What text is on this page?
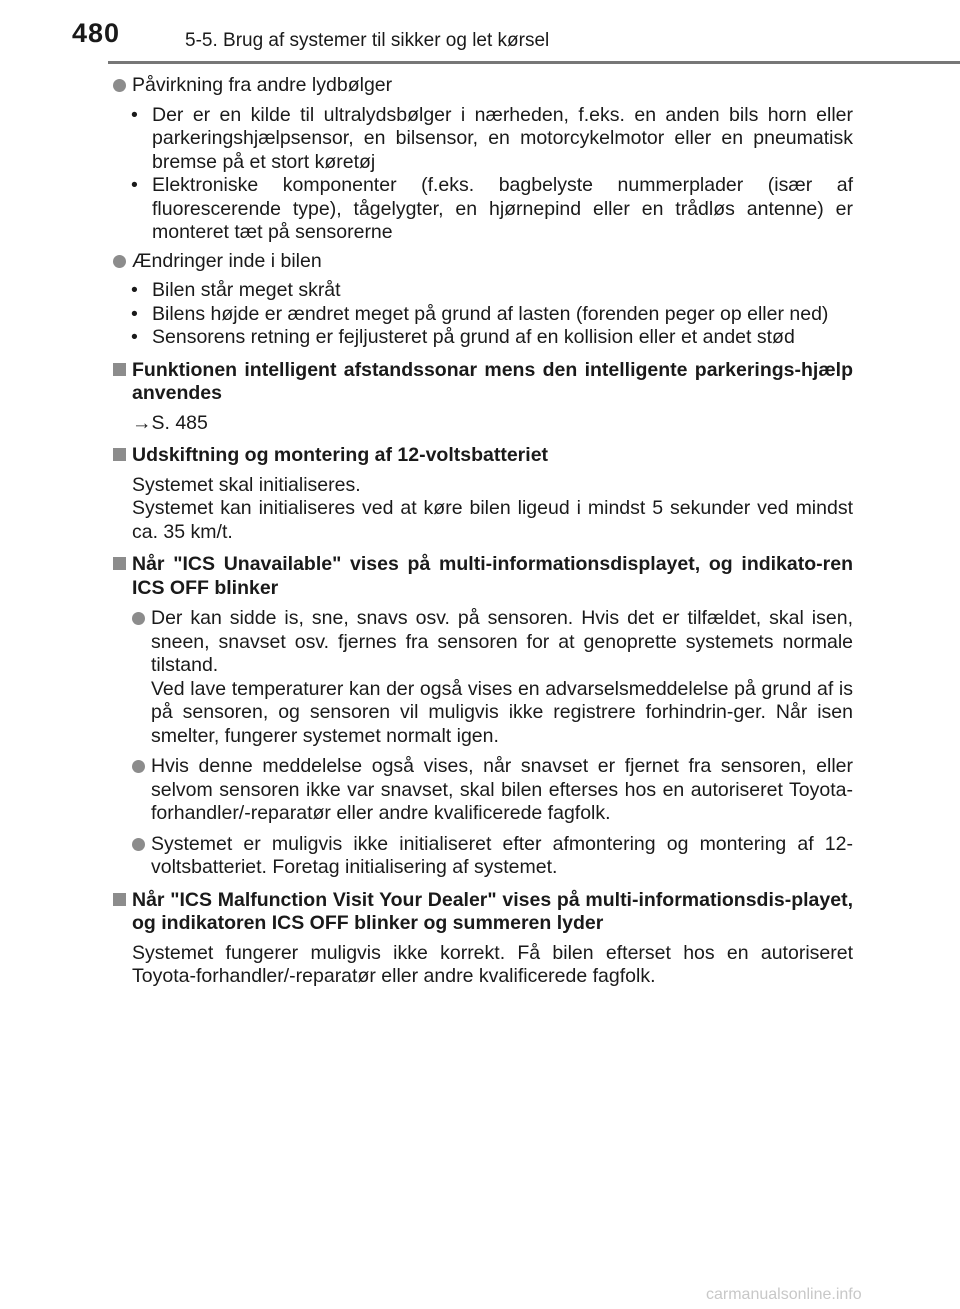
480	5-5. Brug af systemer til sikker og let kørsel
Påvirkning fra andre lydbølger
• Der er en kilde til ultralydsbølger i nærheden, f.eks. en anden bils horn eller parkeringshjælpsensor, en bilsensor, en motorcykelmotor eller en pneumatisk bremse på et stort køretøj
• Elektroniske komponenter (f.eks. bagbelyste nummerplader (især af fluorescerende type), tågelygter, en hjørnepind eller en trådløs antenne) er monteret tæt på sensorerne
Ændringer inde i bilen
• Bilen står meget skråt
• Bilens højde er ændret meget på grund af lasten (forenden peger op eller ned)
• Sensorens retning er fejljusteret på grund af en kollision eller et andet stød
Funktionen intelligent afstandssonar mens den intelligente parkerings-hjælp anvendes
→S. 485
Udskiftning og montering af 12-voltsbatteriet

Systemet skal initialiseres.

Systemet kan initialiseres ved at køre bilen ligeud i mindst 5 sekunder ved mindst ca. 35 km/t.

Når "ICS Unavailable" vises på multi-informationsdisplayet, og indikato-ren ICS OFF blinker

Der kan sidde is, sne, snavs osv. på sensoren. Hvis det er tilfældet, skal isen, sneen, snavset osv. fjernes fra sensoren for at genoprette systemets normale tilstand.

Ved lave temperaturer kan der også vises en advarselsmeddelelse på grund af is på sensoren, og sensoren vil muligvis ikke registrere forhindrin-ger. Når isen smelter, fungerer systemet normalt igen.

Hvis denne meddelelse også vises, når snavset er fjernet fra sensoren, eller selvom sensoren ikke var snavset, skal bilen efterses hos en autoriseret Toyota-forhandler/-reparatør eller andre kvalificerede fagfolk.

Systemet er muligvis ikke initialiseret efter afmontering og montering af 12-voltsbatteriet. Foretag initialisering af systemet.

Når "ICS Malfunction Visit Your Dealer" vises på multi-informationsdis-playet, og indikatoren ICS OFF blinker og summeren lyder
Systemet fungerer muligvis ikke korrekt. Få bilen efterset hos en autoriseret Toyota-forhandler/-reparatør eller andre kvalificerede fagfolk.
carmanualsonline.info
